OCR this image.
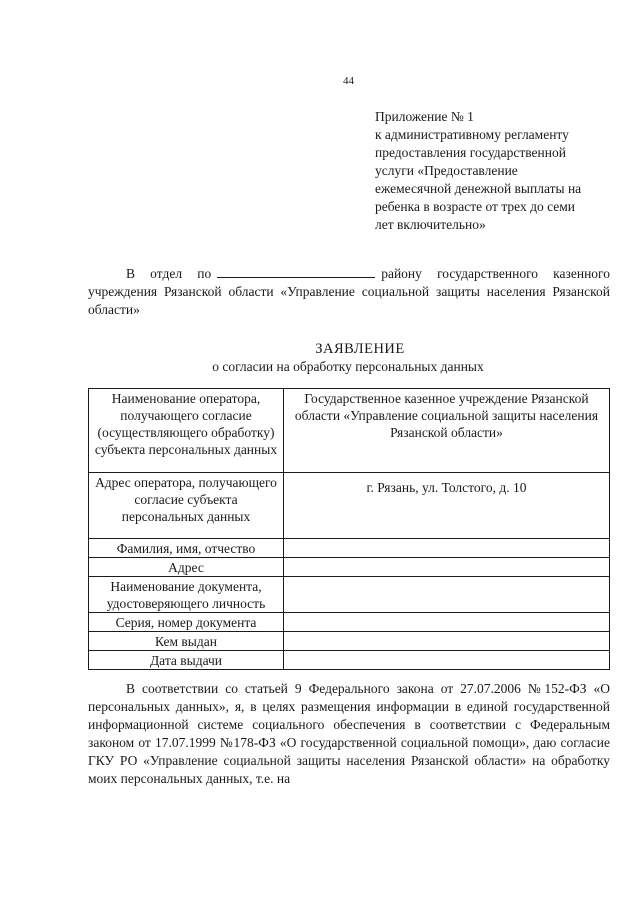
44
Приложение № 1
к административному регламенту
предоставления государственной
услуги «Предоставление
ежемесячной денежной выплаты на
ребенка в возрасте от трех до семи
лет включительно»

В отдел по	району государственного казенного учреждения Рязанской области «Управление социальной защиты населения Рязанской области»

ЗАЯВЛЕНИЕ
о согласии на обработку персональных данных
Наименование оператора, получающего согласие (осуществляющего обработку) субъекта персональных данных	Государственное казенное учреждение Рязанской области «Управление социальной защиты населения Рязанской области»
Адрес оператора, получающего согласие субъекта персональных данных	г. Рязань, ул. Толстого, д. 10
Фамилия, имя, отчество	
Адрес	
Наименование документа, удостоверяющего личность	
Серия, номер документа	
Кем выдан	
Дата выдачи	

В соответствии со статьей 9 Федерального закона от 27.07.2006 №152-ФЗ «О персональных данных», я, в целях размещения информации в единой государственной информационной системе социального обеспечения в соответствии с Федеральным законом от 17.07.1999 №178-ФЗ «О государственной социальной помощи», даю согласие ГКУ РО «Управление социальной защиты населения Рязанской области» на обработку моих персональных данных, т.е. на
